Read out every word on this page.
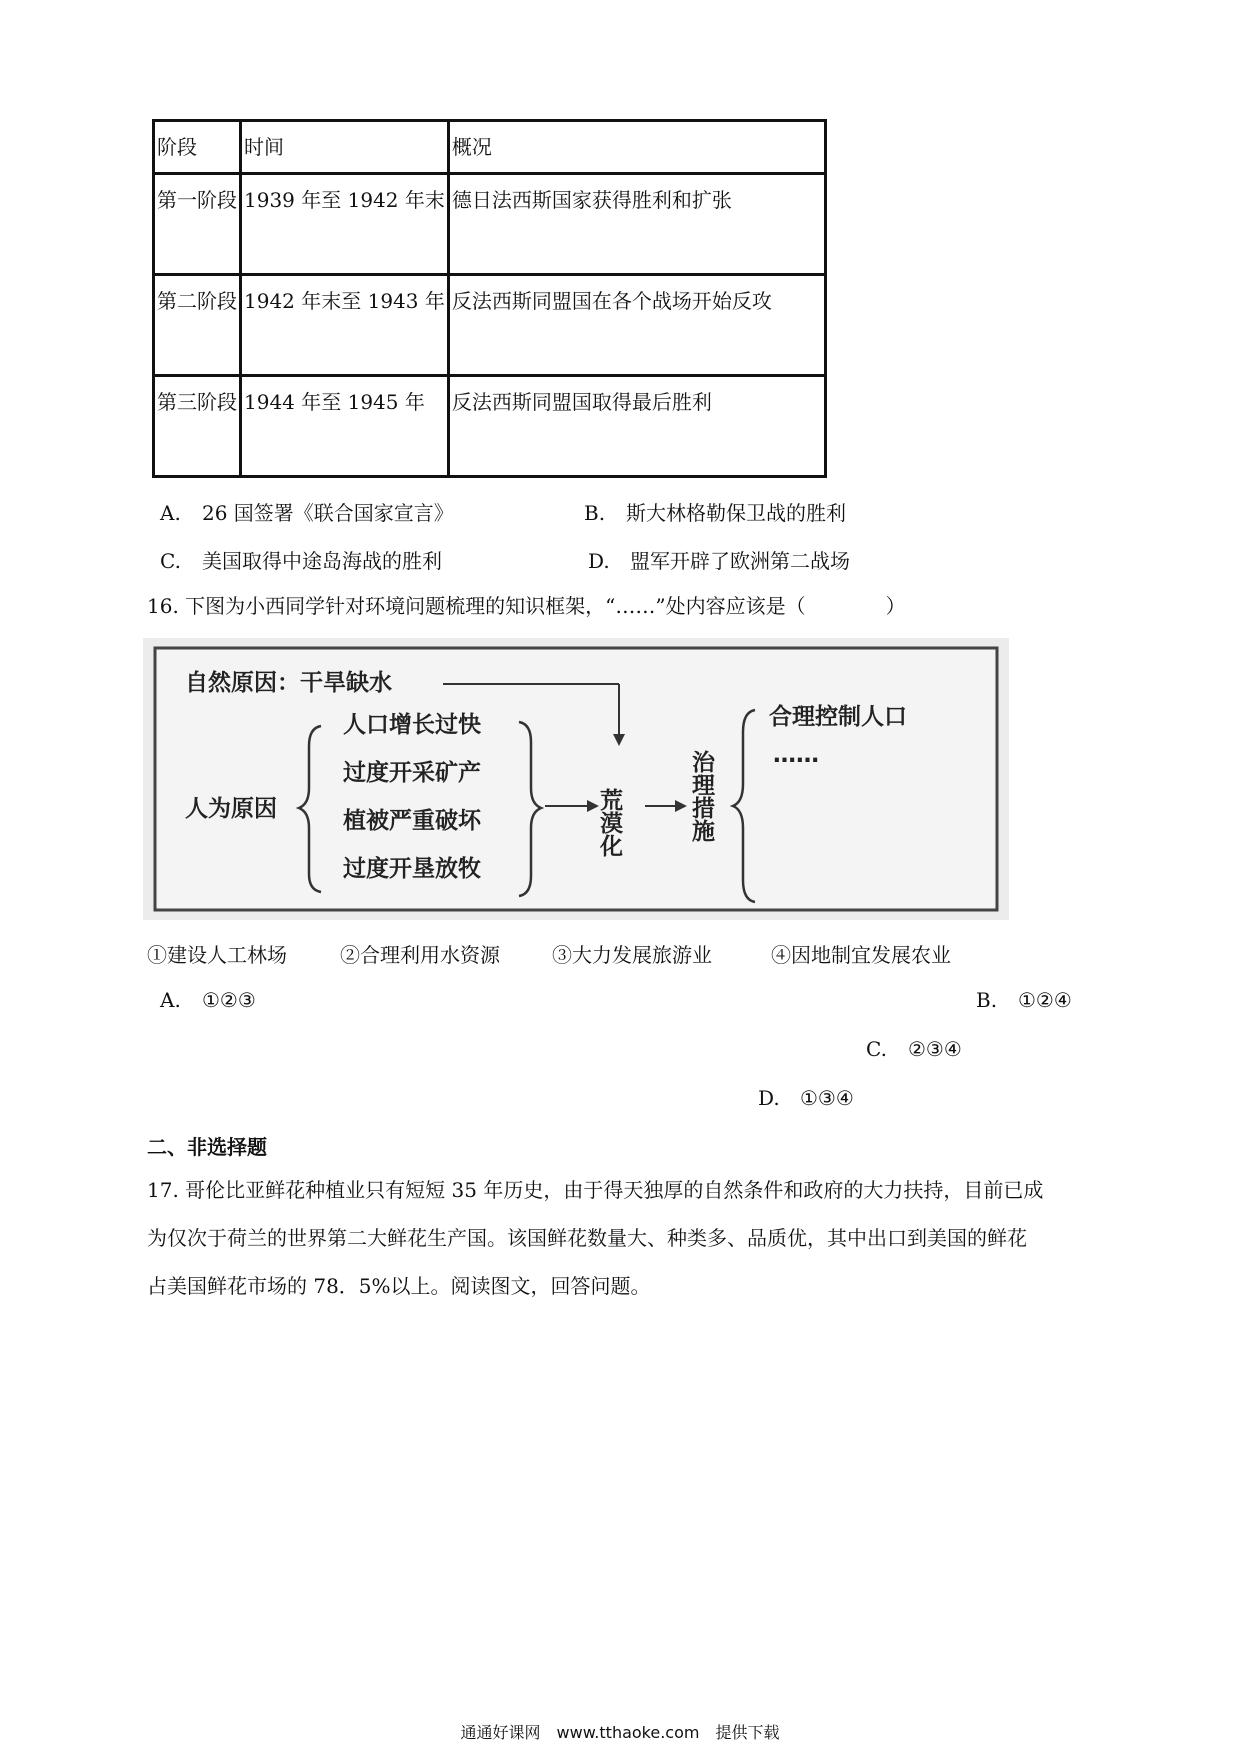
阶段	时间	概况
第一阶段	1939 年至 1942 年末	德日法西斯国家获得胜利和扩张
第二阶段	1942 年末至 1943 年	反法西斯同盟国在各个战场开始反攻
第三阶段	1944 年至 1945 年	反法西斯同盟国取得最后胜利
A. 26 国签署《联合国家宣言》	B. 斯大林格勒保卫战的胜利
C. 美国取得中途岛海战的胜利	D. 盟军开辟了欧洲第二战场
16. 下图为小西同学针对环境问题梳理的知识框架，“……”处内容应该是（　　　　）
自然原因：干旱缺水
人为原因
人口增长过快
过度开采矿产
植被严重破坏
过度开垦放牧
荒漠化	治理措施
合理控制人口
……
①建设人工林场	②合理利用水资源	③大力发展旅游业	④因地制宜发展农业
A. ①②③	B. ①②④
C. ②③④
D. ①③④
二、非选择题
17. 哥伦比亚鲜花种植业只有短短 35 年历史，由于得天独厚的自然条件和政府的大力扶持，目前已成
为仅次于荷兰的世界第二大鲜花生产国。该国鲜花数量大、种类多、品质优，其中出口到美国的鲜花
占美国鲜花市场的 78．5%以上。阅读图文，回答问题。
通通好课网　www.tthaoke.com　提供下载
